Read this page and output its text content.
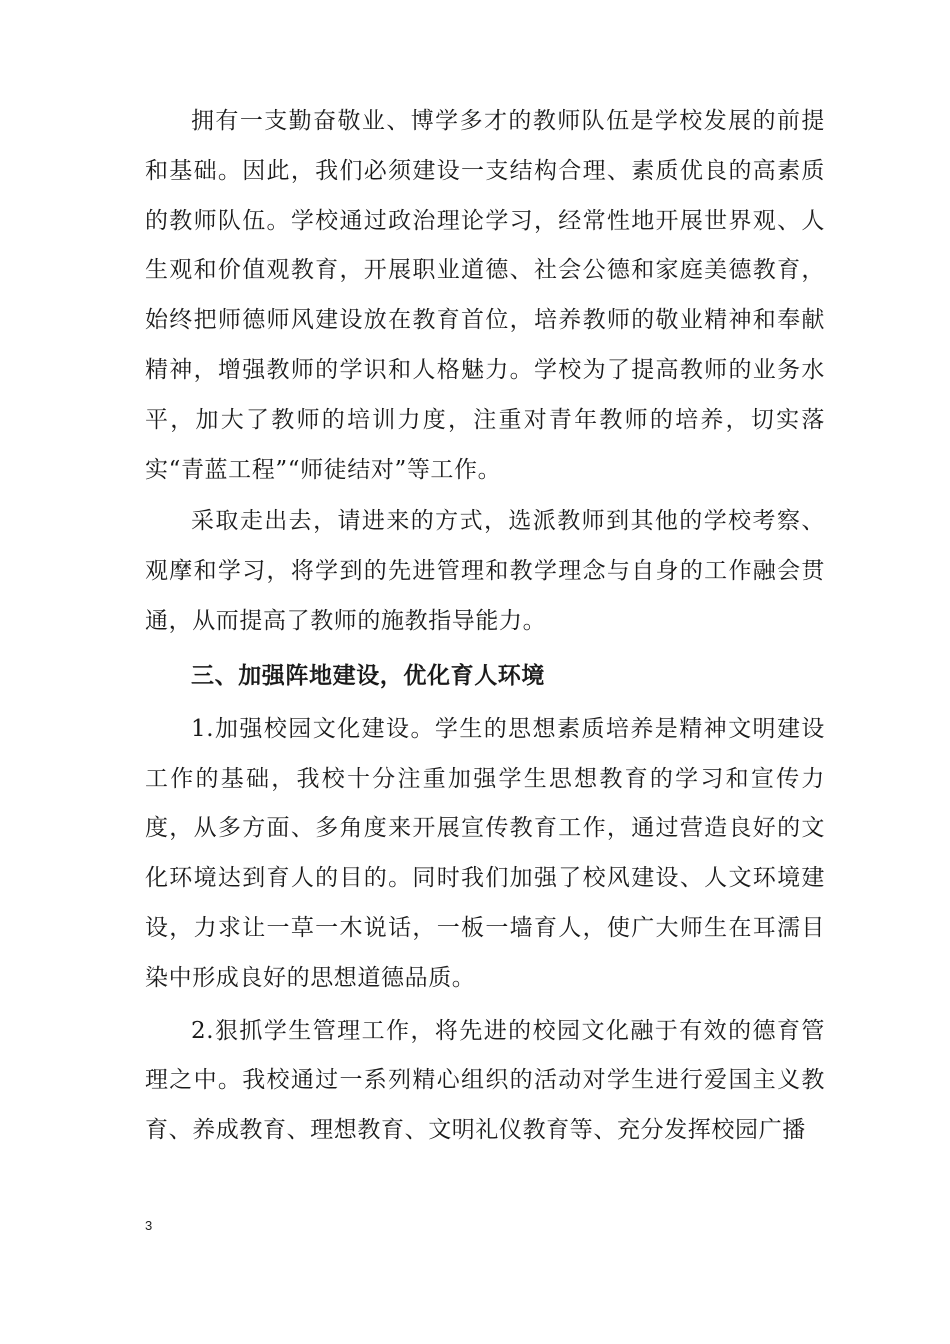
拥有一支勤奋敬业、博学多才的教师队伍是学校发展的前提和基础。因此，我们必须建设一支结构合理、素质优良的高素质的教师队伍。学校通过政治理论学习，经常性地开展世界观、人生观和价值观教育，开展职业道德、社会公德和家庭美德教育，始终把师德师风建设放在教育首位，培养教师的敬业精神和奉献精神，增强教师的学识和人格魅力。学校为了提高教师的业务水平，加大了教师的培训力度，注重对青年教师的培养，切实落实“青蓝工程”“师徒结对”等工作。

采取走出去，请进来的方式，选派教师到其他的学校考察、观摩和学习，将学到的先进管理和教学理念与自身的工作融会贯通，从而提高了教师的施教指导能力。

三、加强阵地建设，优化育人环境

1.加强校园文化建设。学生的思想素质培养是精神文明建设工作的基础，我校十分注重加强学生思想教育的学习和宣传力度，从多方面、多角度来开展宣传教育工作，通过营造良好的文化环境达到育人的目的。同时我们加强了校风建设、人文环境建设，力求让一草一木说话，一板一墙育人，使广大师生在耳濡目染中形成良好的思想道德品质。

2.狠抓学生管理工作，将先进的校园文化融于有效的德育管理之中。我校通过一系列精心组织的活动对学生进行爱国主义教育、养成教育、理想教育、文明礼仪教育等、充分发挥校园广播

3
